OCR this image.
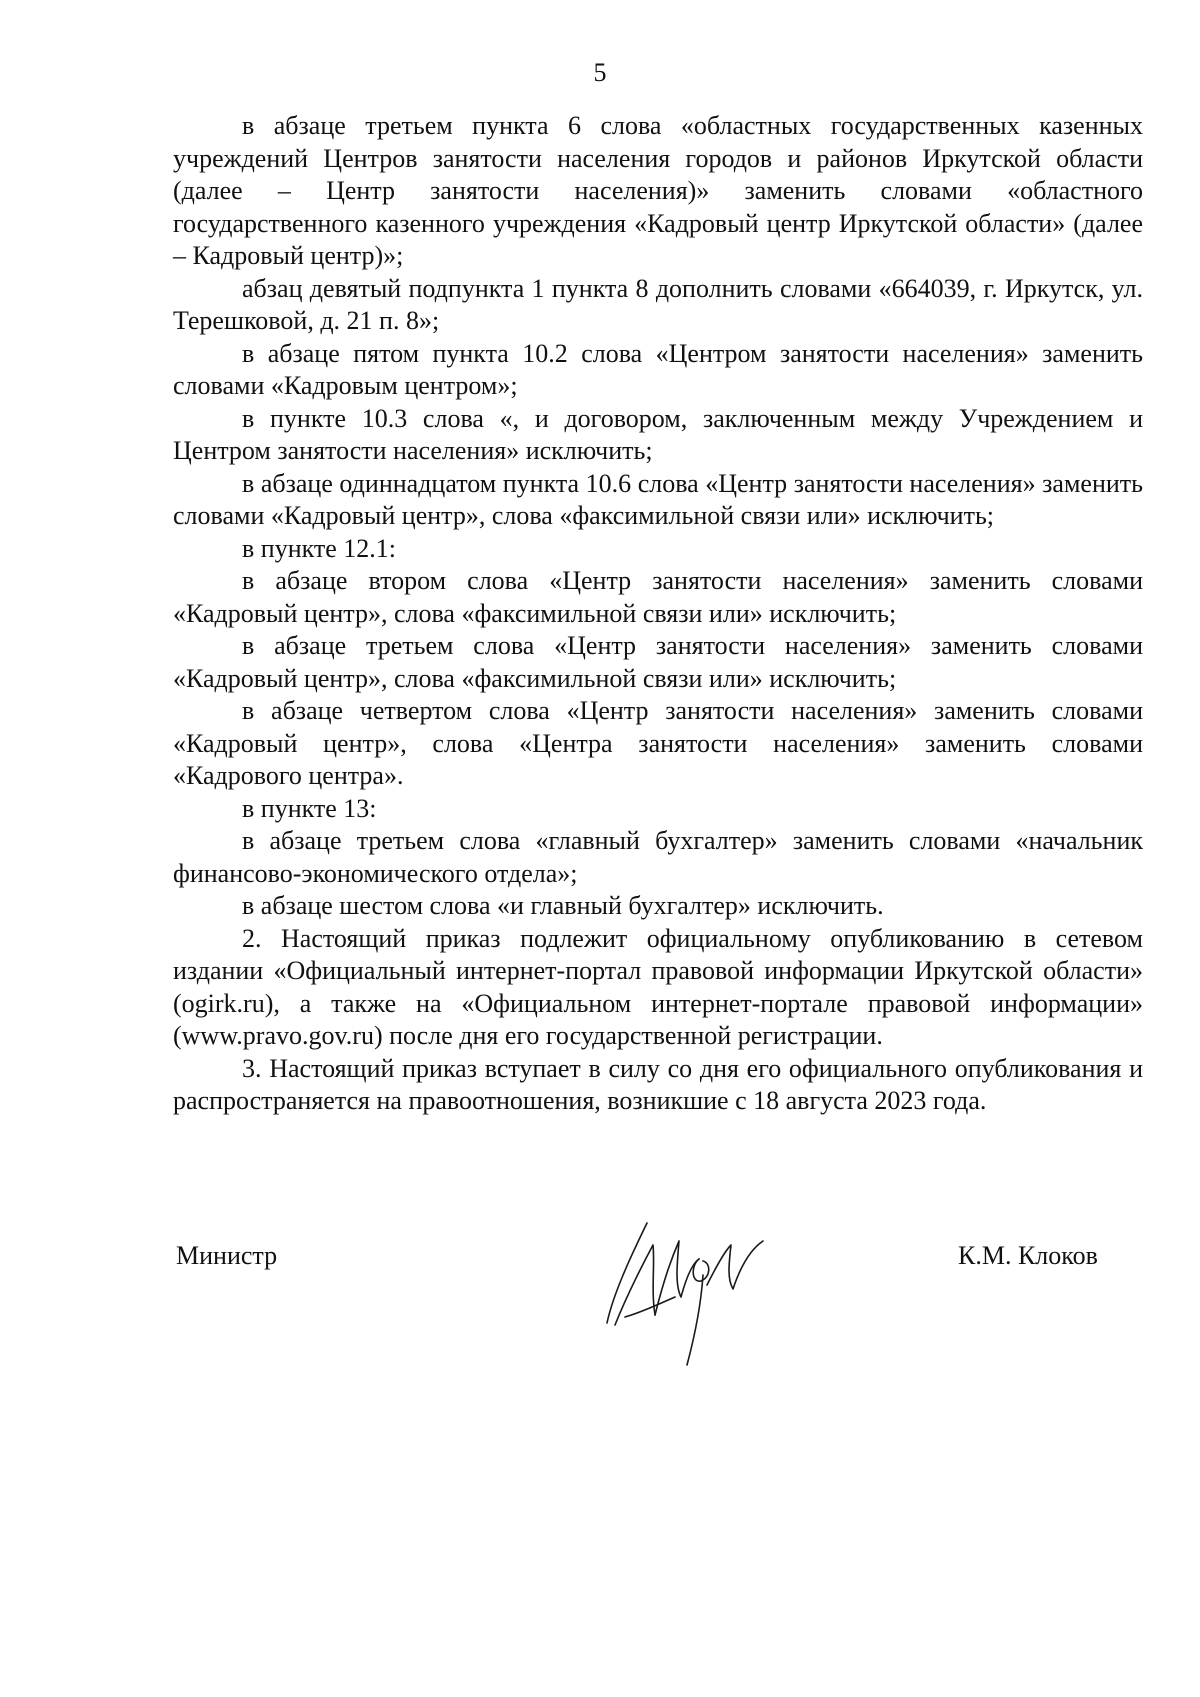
5

в абзаце третьем пункта 6 слова «областных государственных казенных учреждений Центров занятости населения городов и районов Иркутской области (далее – Центр занятости населения)» заменить словами «областного государственного казенного учреждения «Кадровый центр Иркутской области» (далее – Кадровый центр)»;

абзац девятый подпункта 1 пункта 8 дополнить словами «664039, г. Иркутск, ул. Терешковой, д. 21 п. 8»;

в абзаце пятом пункта 10.2 слова «Центром занятости населения» заменить словами «Кадровым центром»;

в пункте 10.3 слова «, и договором, заключенным между Учреждением и Центром занятости населения» исключить;

в абзаце одиннадцатом пункта 10.6 слова «Центр занятости населения» заменить словами «Кадровый центр», слова «факсимильной связи или» исключить;

в пункте 12.1:

в абзаце втором слова «Центр занятости населения» заменить словами «Кадровый центр», слова «факсимильной связи или» исключить;

в абзаце третьем слова «Центр занятости населения» заменить словами «Кадровый центр», слова «факсимильной связи или» исключить;

в абзаце четвертом слова «Центр занятости населения» заменить словами «Кадровый центр», слова «Центра занятости населения» заменить словами «Кадрового центра».

в пункте 13:

в абзаце третьем слова «главный бухгалтер» заменить словами «начальник финансово-экономического отдела»;

в абзаце шестом слова «и главный бухгалтер» исключить.

2. Настоящий приказ подлежит официальному опубликованию в сетевом издании «Официальный интернет-портал правовой информации Иркутской области» (ogirk.ru), а также на «Официальном интернет-портале правовой информации» (www.pravo.gov.ru) после дня его государственной регистрации.

3. Настоящий приказ вступает в силу со дня его официального опубликования и распространяется на правоотношения, возникшие с 18 августа 2023 года.

Министр	К.М. Клоков
